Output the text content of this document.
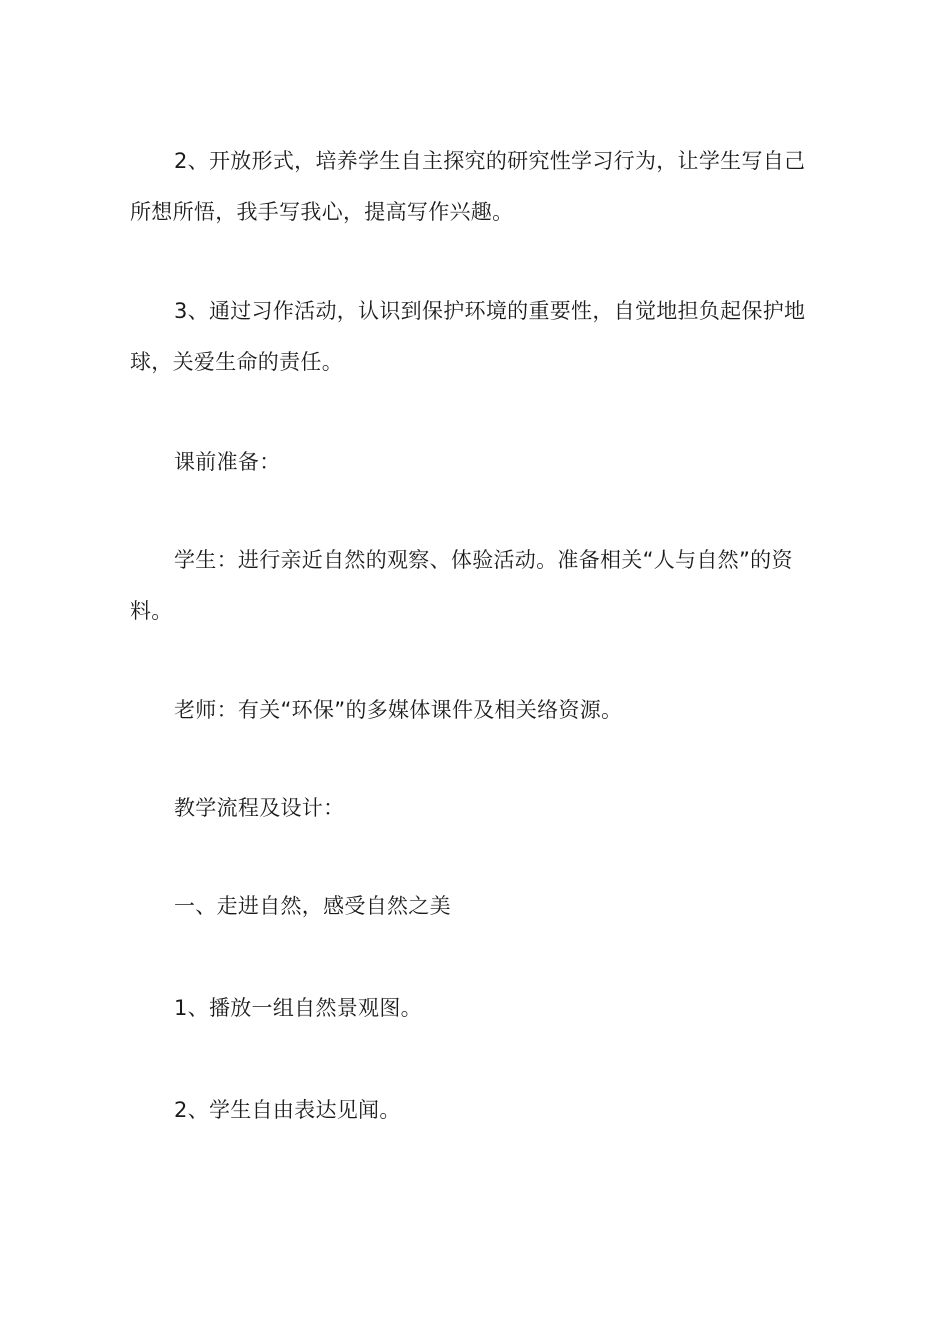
2、开放形式，培养学生自主探究的研究性学习行为，让学生写自己所想所悟，我手写我心，提高写作兴趣。

3、通过习作活动，认识到保护环境的重要性，自觉地担负起保护地球，关爱生命的责任。

课前准备：

学生：进行亲近自然的观察、体验活动。准备相关“人与自然”的资料。

老师：有关“环保”的多媒体课件及相关络资源。

教学流程及设计：

一、走进自然，感受自然之美

1、播放一组自然景观图。

2、学生自由表达见闻。
